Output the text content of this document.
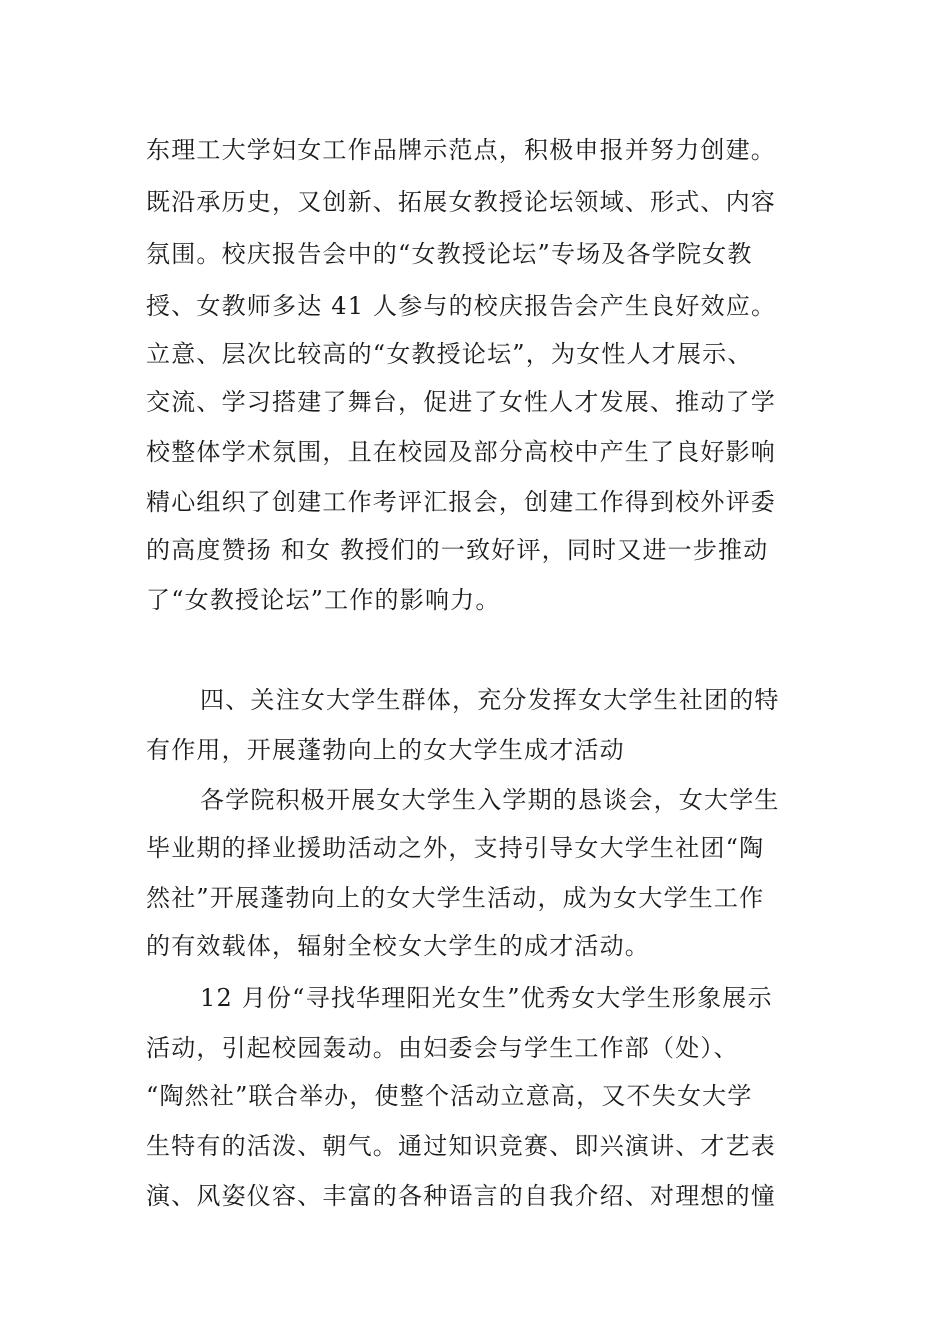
东理工大学妇女工作品牌示范点，积极申报并努力创建。
既沿承历史，又创新、拓展女教授论坛领域、形式、内容
氛围。校庆报告会中的“女教授论坛”专场及各学院女教
授、女教师多达 41 人参与的校庆报告会产生良好效应。
立意、层次比较高的“女教授论坛”，为女性人才展示、
交流、学习搭建了舞台，促进了女性人才发展、推动了学
校整体学术氛围，且在校园及部分高校中产生了良好影响
精心组织了创建工作考评汇报会，创建工作得到校外评委
的高度赞扬 和女 教授们的一致好评，同时又进一步推动
了“女教授论坛”工作的影响力。
四、关注女大学生群体，充分发挥女大学生社团的特
有作用，开展蓬勃向上的女大学生成才活动
各学院积极开展女大学生入学期的恳谈会，女大学生
毕业期的择业援助活动之外，支持引导女大学生社团“陶
然社”开展蓬勃向上的女大学生活动，成为女大学生工作
的有效载体，辐射全校女大学生的成才活动。
12 月份“寻找华理阳光女生”优秀女大学生形象展示
活动，引起校园轰动。由妇委会与学生工作部（处）、
“陶然社”联合举办，使整个活动立意高，又不失女大学
生特有的活泼、朝气。通过知识竞赛、即兴演讲、才艺表
演、风姿仪容、丰富的各种语言的自我介绍、对理想的憧
